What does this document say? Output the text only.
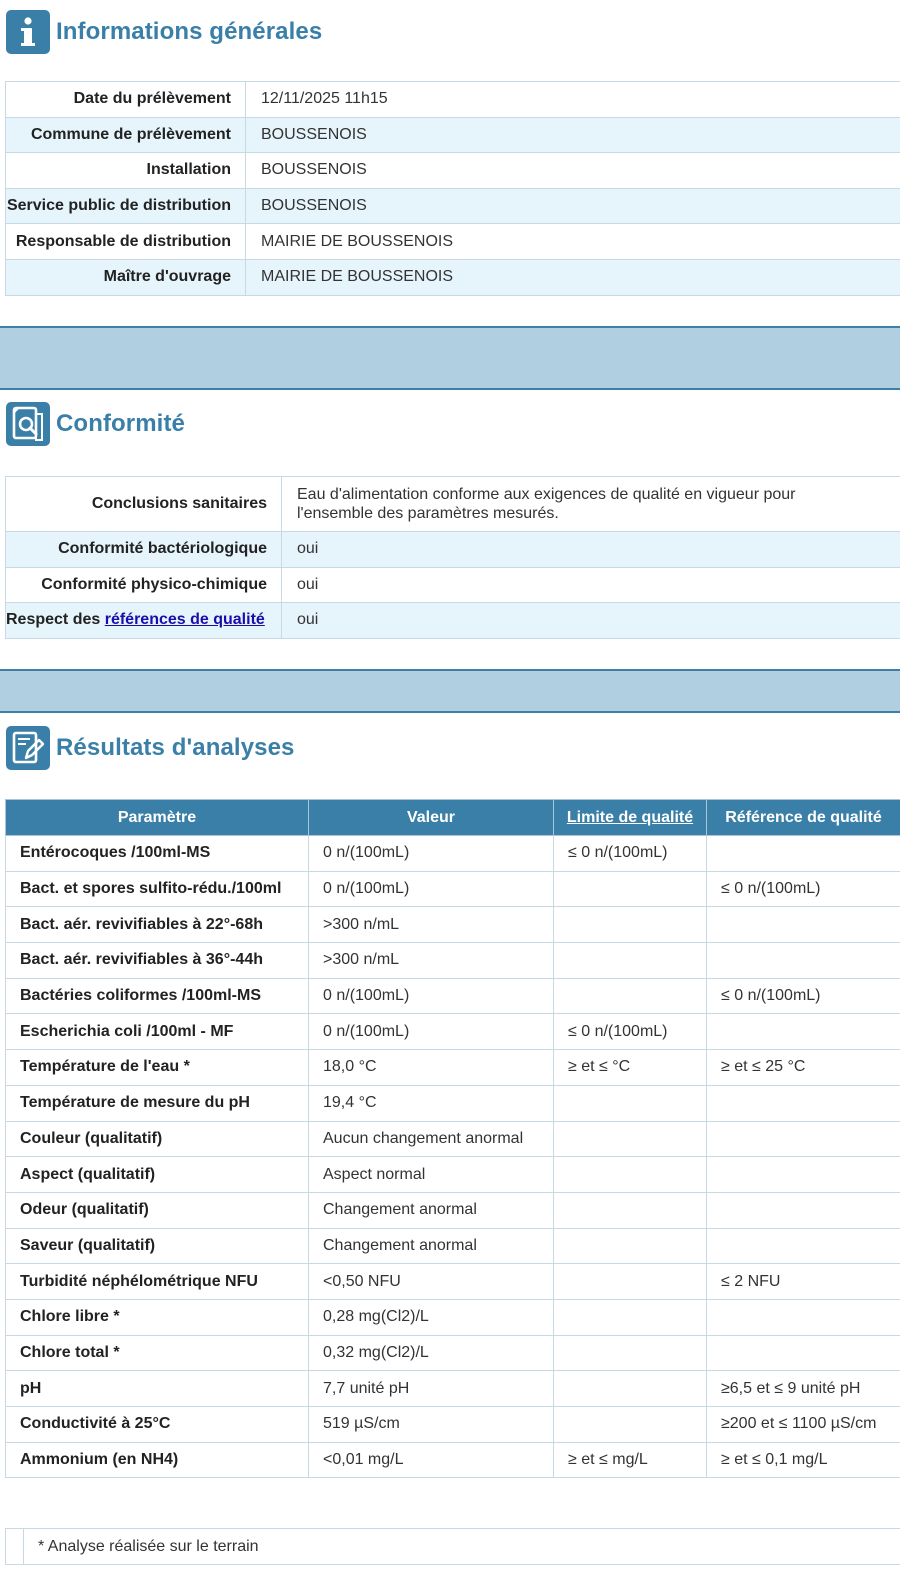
Informations générales
Date du prélèvement	12/11/2025 11h15
Commune de prélèvement	BOUSSENOIS
Installation	BOUSSENOIS
Service public de distribution	BOUSSENOIS
Responsable de distribution	MAIRIE DE BOUSSENOIS
Maître d'ouvrage	MAIRIE DE BOUSSENOIS
Conformité
Conclusions sanitaires	Eau d'alimentation conforme aux exigences de qualité en vigueur pour l'ensemble des paramètres mesurés.
Conformité bactériologique	oui
Conformité physico-chimique	oui
Respect des références de qualité	oui
Résultats d'analyses
Paramètre	Valeur	Limite de qualité	Référence de qualité
Entérocoques /100ml-MS	0 n/(100mL)	≤ 0 n/(100mL)	
Bact. et spores sulfito-rédu./100ml	0 n/(100mL)		≤ 0 n/(100mL)
Bact. aér. revivifiables à 22°-68h	>300 n/mL		
Bact. aér. revivifiables à 36°-44h	>300 n/mL		
Bactéries coliformes /100ml-MS	0 n/(100mL)		≤ 0 n/(100mL)
Escherichia coli /100ml - MF	0 n/(100mL)	≤ 0 n/(100mL)	
Température de l'eau *	18,0 °C	≥ et ≤ °C	≥ et ≤ 25 °C
Température de mesure du pH	19,4 °C		
Couleur (qualitatif)	Aucun changement anormal		
Aspect (qualitatif)	Aspect normal		
Odeur (qualitatif)	Changement anormal		
Saveur (qualitatif)	Changement anormal		
Turbidité néphélométrique NFU	<0,50 NFU		≤ 2 NFU
Chlore libre *	0,28 mg(Cl2)/L		
Chlore total *	0,32 mg(Cl2)/L		
pH	7,7 unité pH		≥6,5 et ≤ 9 unité pH
Conductivité à 25°C	519 µS/cm		≥200 et ≤ 1100 µS/cm
Ammonium (en NH4)	<0,01 mg/L	≥ et ≤ mg/L	≥ et ≤ 0,1 mg/L
	* Analyse réalisée sur le terrain
